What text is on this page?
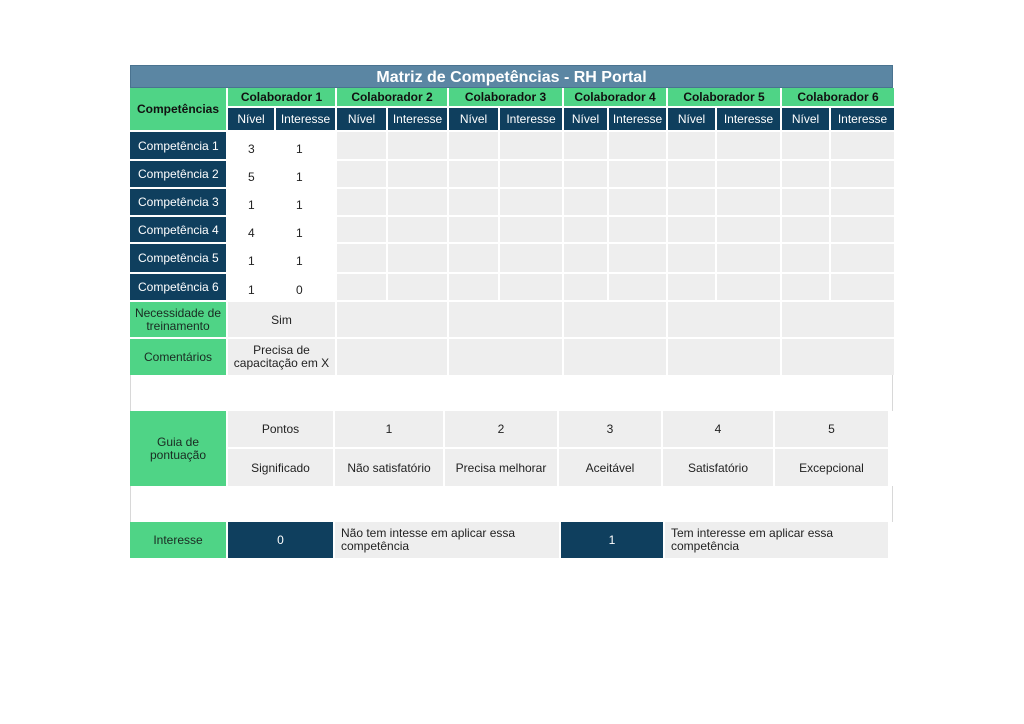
Matriz de Competências - RH Portal
Competências
Colaborador 1	Colaborador 2	Colaborador 3	Colaborador 4	Colaborador 5	Colaborador 6
Nível	Interesse	Nível	Interesse	Nível	Interesse	Nível	Interesse	Nível	Interesse	Nível	Interesse
Competência 1	3	1
Competência 2	5	1
Competência 3	1	1
Competência 4	4	1
Competência 5	1	1
Competência 6	1	0
Necessidade de treinamento	Sim
Comentários	Precisa de capacitação em X
Guia de pontuação
Pontos	1	2	3	4	5
Significado	Não satisfatório	Precisa melhorar	Aceitável	Satisfatório	Excepcional
Interesse	0	Não tem intesse em aplicar essa competência	1	Tem interesse em aplicar essa competência
